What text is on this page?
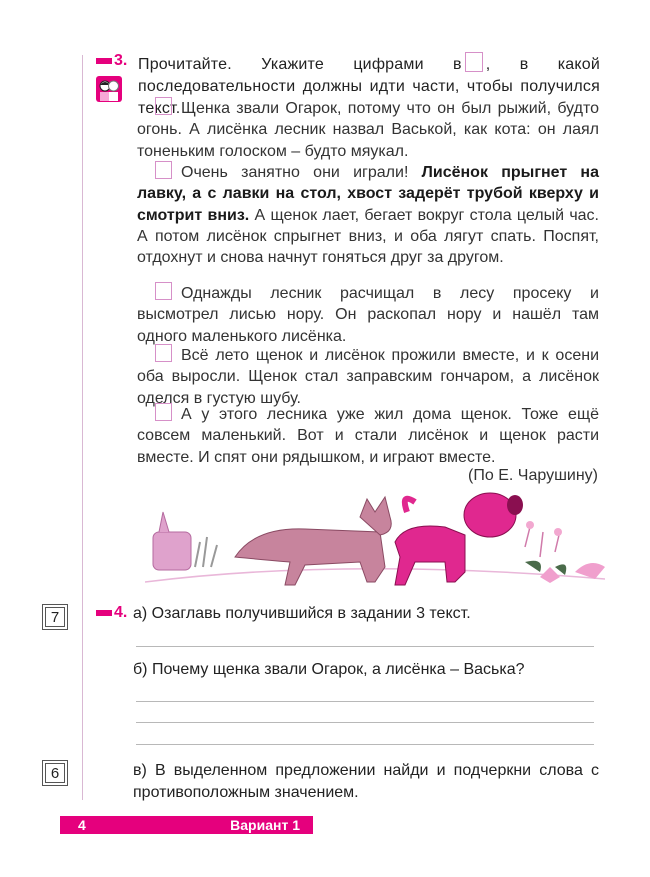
3. Прочитайте. Укажите цифрами в , в какой последовательности должны идти части, чтобы получился текст. Щенка звали Огарок, потому что он был рыжий, будто огонь. А лисёнка лесник назвал Васькой, как кота: он лаял тоненьким голоском – будто мяукал.
Очень занятно они играли! Лисёнок прыгнет на лавку, а с лавки на стол, хвост задерёт трубой кверху и смотрит вниз. А щенок лает, бегает вокруг стола целый час. А потом лисёнок спрыгнет вниз, и оба лягут спать. Поспят, отдохнут и снова начнут гоняться друг за другом.
Однажды лесник расчищал в лесу просеку и высмотрел лисью нору. Он раскопал нору и нашёл там одного маленького лисёнка.
Всё лето щенок и лисёнок прожили вместе, и к осени оба выросли. Щенок стал заправским гончаром, а лисёнок оделся в густую шубу.
А у этого лесника уже жил дома щенок. Тоже ещё совсем маленький. Вот и стали лисёнок и щенок расти вместе. И спят они рядышком, и играют вместе.
(По Е. Чарушину)
7	4. а) Озаглавь получившийся в задании 3 текст.
б) Почему щенка звали Огарок, а лисёнка – Васька?
6	в) В выделенном предложении найди и подчеркни слова с противоположным значением.
4	Вариант 1
